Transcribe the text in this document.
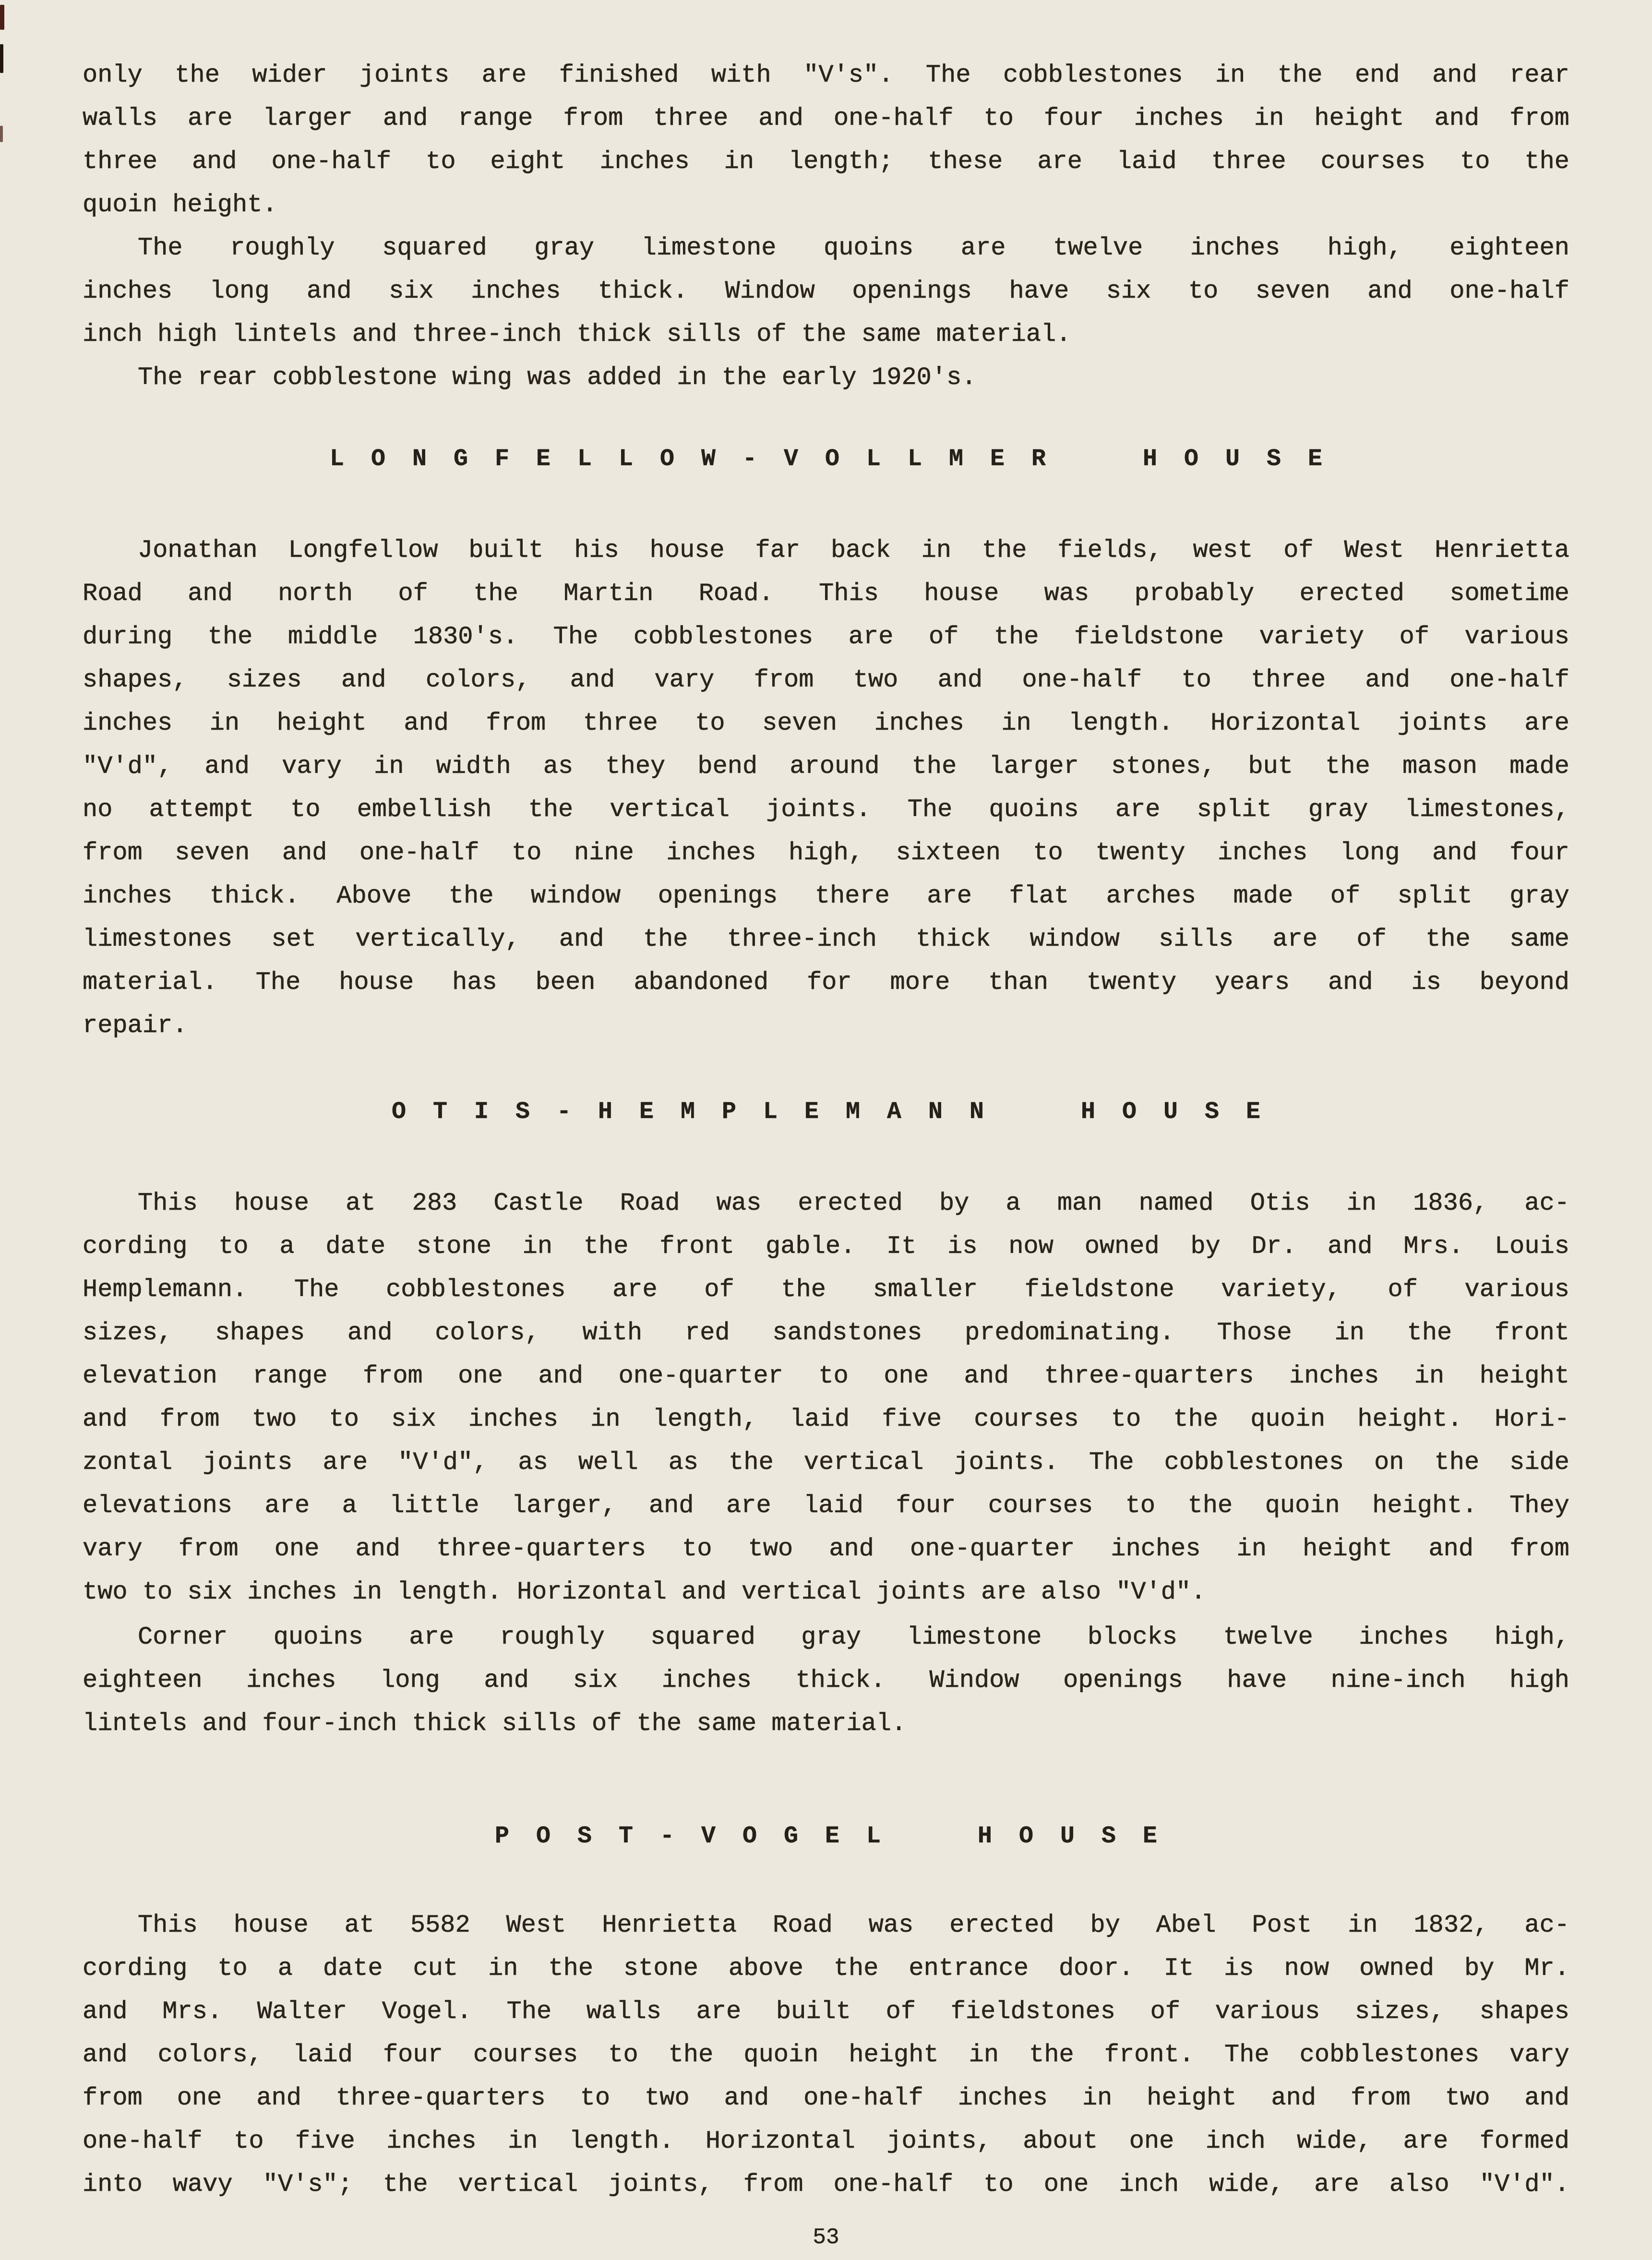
only the wider joints are finished with "V's". The cobblestones in the end and rear
walls are larger and range from three and one-half to four inches in height and from
three and one-half to eight inches in length; these are laid three courses to the
quoin height.

The roughly squared gray limestone quoins are twelve inches high, eighteen
inches long and six inches thick. Window openings have six to seven and one-half
inch high lintels and three-inch thick sills of the same material.

The rear cobblestone wing was added in the early 1920's.

LONGFELLOW-VOLLMER HOUSE

Jonathan Longfellow built his house far back in the fields, west of West Henrietta
Road and north of the Martin Road. This house was probably erected sometime
during the middle 1830's. The cobblestones are of the fieldstone variety of various
shapes, sizes and colors, and vary from two and one-half to three and one-half
inches in height and from three to seven inches in length. Horizontal joints are
"V'd", and vary in width as they bend around the larger stones, but the mason made
no attempt to embellish the vertical joints. The quoins are split gray limestones,
from seven and one-half to nine inches high, sixteen to twenty inches long and four
inches thick. Above the window openings there are flat arches made of split gray
limestones set vertically, and the three-inch thick window sills are of the same
material. The house has been abandoned for more than twenty years and is beyond
repair.

OTIS-HEMPLEMANN HOUSE

This house at 283 Castle Road was erected by a man named Otis in 1836, ac-
cording to a date stone in the front gable. It is now owned by Dr. and Mrs. Louis
Hemplemann. The cobblestones are of the smaller fieldstone variety, of various
sizes, shapes and colors, with red sandstones predominating. Those in the front
elevation range from one and one-quarter to one and three-quarters inches in height
and from two to six inches in length, laid five courses to the quoin height. Hori-
zontal joints are "V'd", as well as the vertical joints. The cobblestones on the side
elevations are a little larger, and are laid four courses to the quoin height. They
vary from one and three-quarters to two and one-quarter inches in height and from
two to six inches in length. Horizontal and vertical joints are also "V'd".

Corner quoins are roughly squared gray limestone blocks twelve inches high,
eighteen inches long and six inches thick. Window openings have nine-inch high
lintels and four-inch thick sills of the same material.

POST-VOGEL HOUSE

This house at 5582 West Henrietta Road was erected by Abel Post in 1832, ac-
cording to a date cut in the stone above the entrance door. It is now owned by Mr.
and Mrs. Walter Vogel. The walls are built of fieldstones of various sizes, shapes
and colors, laid four courses to the quoin height in the front. The cobblestones vary
from one and three-quarters to two and one-half inches in height and from two and
one-half to five inches in length. Horizontal joints, about one inch wide, are formed
into wavy "V's"; the vertical joints, from one-half to one inch wide, are also "V'd".

53
